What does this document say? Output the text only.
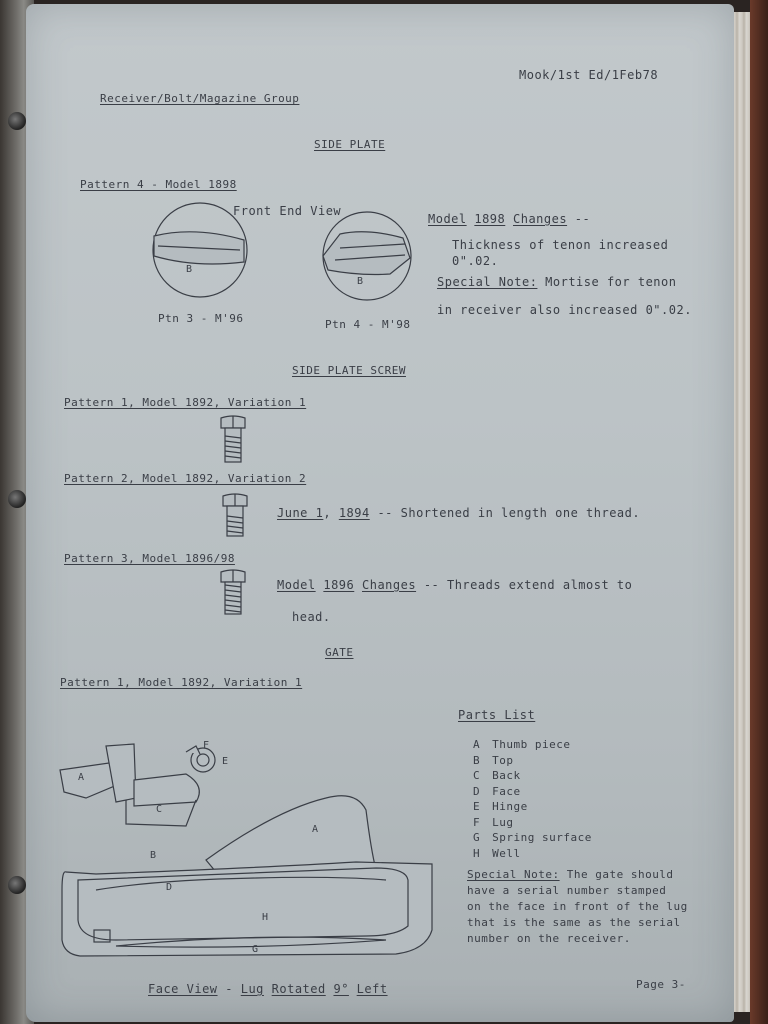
Mook/1st Ed/1Feb78
Receiver/Bolt/Magazine Group
SIDE PLATE
Pattern 4 - Model 1898
Front End View
B
B
Ptn 3 - M'96	Ptn 4 - M'98
Model 1898 Changes --
Thickness of tenon increased
0".02.
Special Note: Mortise for tenon
in receiver also increased 0".02.
SIDE PLATE SCREW
Pattern 1, Model 1892, Variation 1
Pattern 2, Model 1892, Variation 2
June 1, 1894 -- Shortened in length one thread.
Pattern 3, Model 1896/98
Model 1896 Changes -- Threads extend almost to
head.
GATE
Pattern 1, Model 1892, Variation 1
Parts List
Special Note: The gate should
have a serial number stamped
on the face in front of the lug
that is the same as the serial
number on the receiver.
A
F
E
C
B
A
D
H
G
Face View - Lug Rotated 9° Left	Page 3-
A Thumb piece
B Top
C Back
D Face
E Hinge
F Lug
G Spring surface
H Well
